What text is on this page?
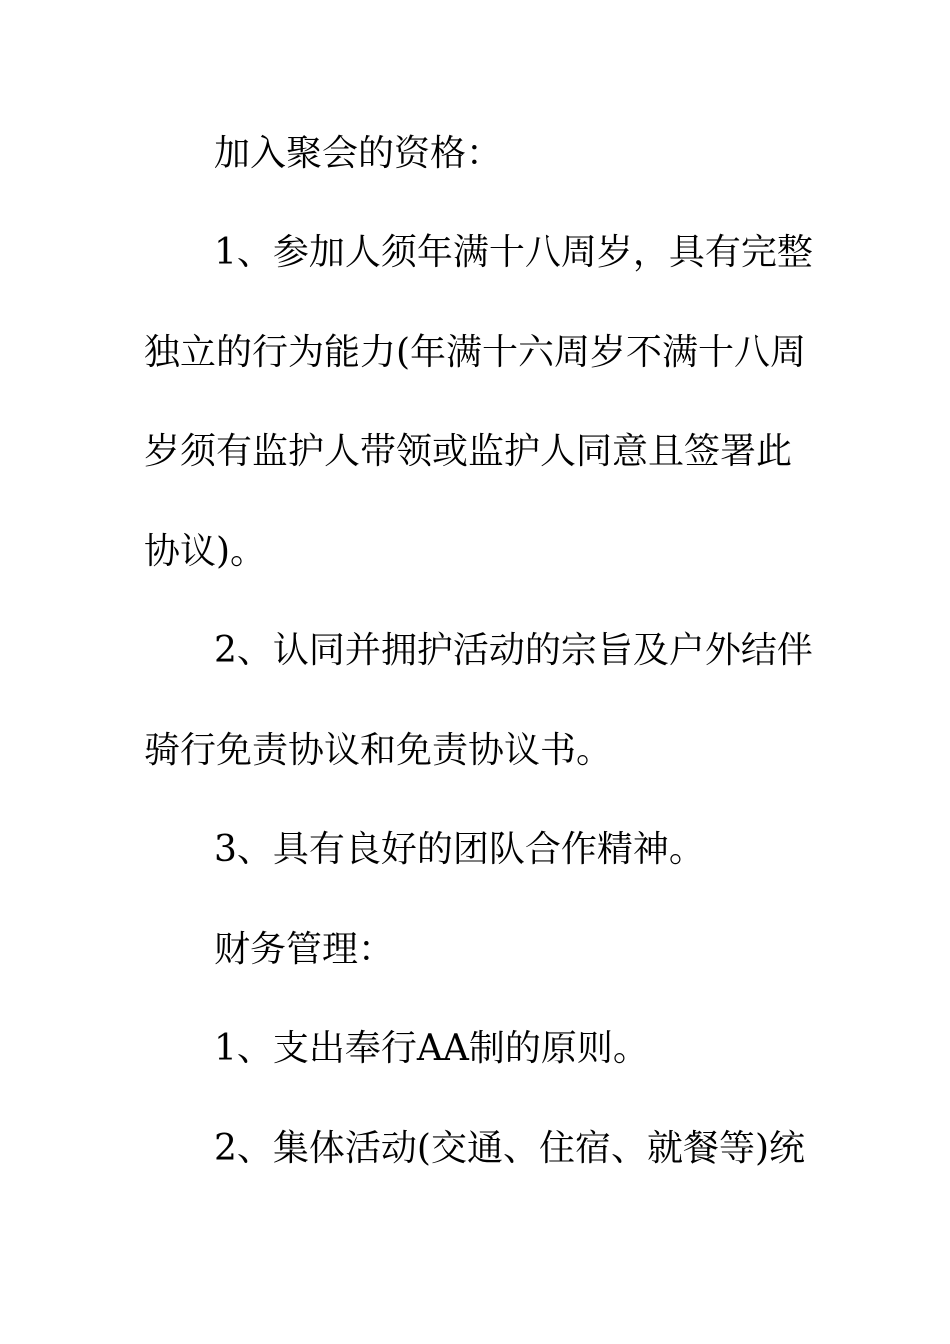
加入聚会的资格：

1、参加人须年满十八周岁，具有完整

独立的行为能力(年满十六周岁不满十八周

岁须有监护人带领或监护人同意且签署此

协议)。

2、认同并拥护活动的宗旨及户外结伴

骑行免责协议和免责协议书。

3、具有良好的团队合作精神。

财务管理：

1、支出奉行AA制的原则。

2、集体活动(交通、住宿、就餐等)统
